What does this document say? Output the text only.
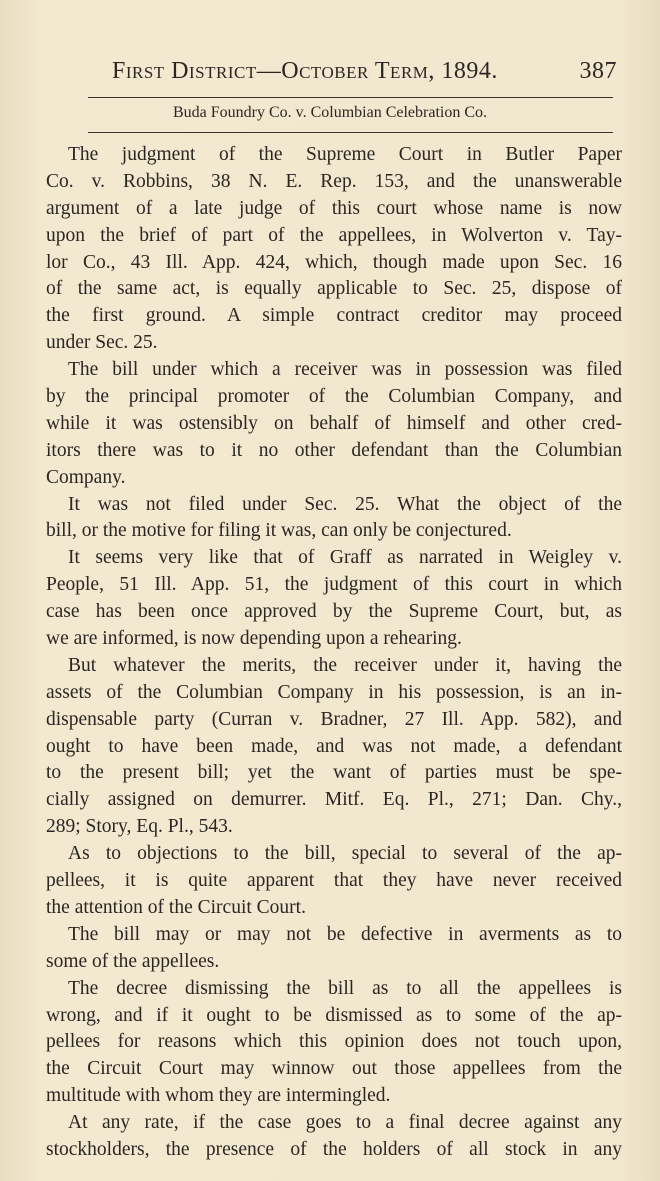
First District—October Term, 1894.	387
Buda Foundry Co. v. Columbian Celebration Co.
The judgment of the Supreme Court in Butler Paper
Co. v. Robbins, 38 N. E. Rep. 153, and the unanswerable
argument of a late judge of this court whose name is now
upon the brief of part of the appellees, in Wolverton v. Tay-
lor Co., 43 Ill. App. 424, which, though made upon Sec. 16
of the same act, is equally applicable to Sec. 25, dispose of
the first ground. A simple contract creditor may proceed
under Sec. 25.
The bill under which a receiver was in possession was filed
by the principal promoter of the Columbian Company, and
while it was ostensibly on behalf of himself and other cred-
itors there was to it no other defendant than the Columbian
Company.
It was not filed under Sec. 25. What the object of the
bill, or the motive for filing it was, can only be conjectured.
It seems very like that of Graff as narrated in Weigley v.
People, 51 Ill. App. 51, the judgment of this court in which
case has been once approved by the Supreme Court, but, as
we are informed, is now depending upon a rehearing.
But whatever the merits, the receiver under it, having the
assets of the Columbian Company in his possession, is an in-
dispensable party (Curran v. Bradner, 27 Ill. App. 582), and
ought to have been made, and was not made, a defendant
to the present bill; yet the want of parties must be spe-
cially assigned on demurrer. Mitf. Eq. Pl., 271; Dan. Chy.,
289; Story, Eq. Pl., 543.
As to objections to the bill, special to several of the ap-
pellees, it is quite apparent that they have never received
the attention of the Circuit Court.
The bill may or may not be defective in averments as to
some of the appellees.
The decree dismissing the bill as to all the appellees is
wrong, and if it ought to be dismissed as to some of the ap-
pellees for reasons which this opinion does not touch upon,
the Circuit Court may winnow out those appellees from the
multitude with whom they are intermingled.
At any rate, if the case goes to a final decree against any
stockholders, the presence of the holders of all stock in any
